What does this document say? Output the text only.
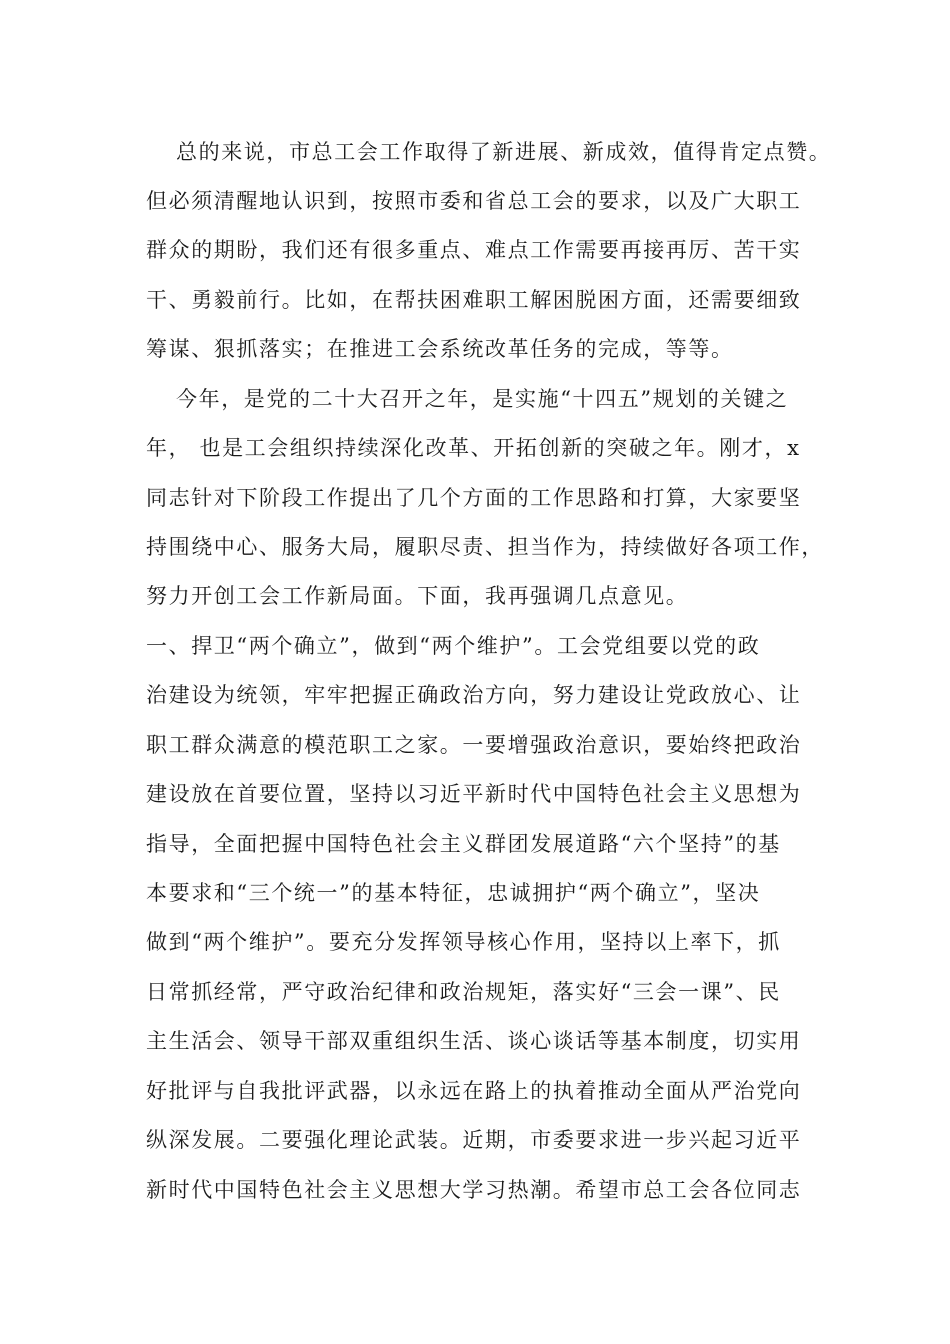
总的来说，市总工会工作取得了新进展、新成效，值得肯定点赞。
但必须清醒地认识到，按照市委和省总工会的要求，以及广大职工
群众的期盼，我们还有很多重点、难点工作需要再接再厉、苦干实
干、勇毅前行。比如，在帮扶困难职工解困脱困方面，还需要细致
筹谋、狠抓落实；在推进工会系统改革任务的完成，等等。
今年，是党的二十大召开之年，是实施“十四五”规划的关键之
年， 也是工会组织持续深化改革、开拓创新的突破之年。刚才，x
同志针对下阶段工作提出了几个方面的工作思路和打算，大家要坚
持围绕中心、服务大局，履职尽责、担当作为，持续做好各项工作，
努力开创工会工作新局面。下面，我再强调几点意见。
一、捍卫“两个确立”，做到“两个维护”。工会党组要以党的政
治建设为统领，牢牢把握正确政治方向，努力建设让党政放心、让
职工群众满意的模范职工之家。一要增强政治意识，要始终把政治
建设放在首要位置，坚持以习近平新时代中国特色社会主义思想为
指导，全面把握中国特色社会主义群团发展道路“六个坚持”的基
本要求和“三个统一”的基本特征，忠诚拥护“两个确立”，坚决
做到“两个维护”。要充分发挥领导核心作用，坚持以上率下，抓
日常抓经常，严守政治纪律和政治规矩，落实好“三会一课”、民
主生活会、领导干部双重组织生活、谈心谈话等基本制度，切实用
好批评与自我批评武器，以永远在路上的执着推动全面从严治党向
纵深发展。二要强化理论武装。近期，市委要求进一步兴起习近平
新时代中国特色社会主义思想大学习热潮。希望市总工会各位同志
